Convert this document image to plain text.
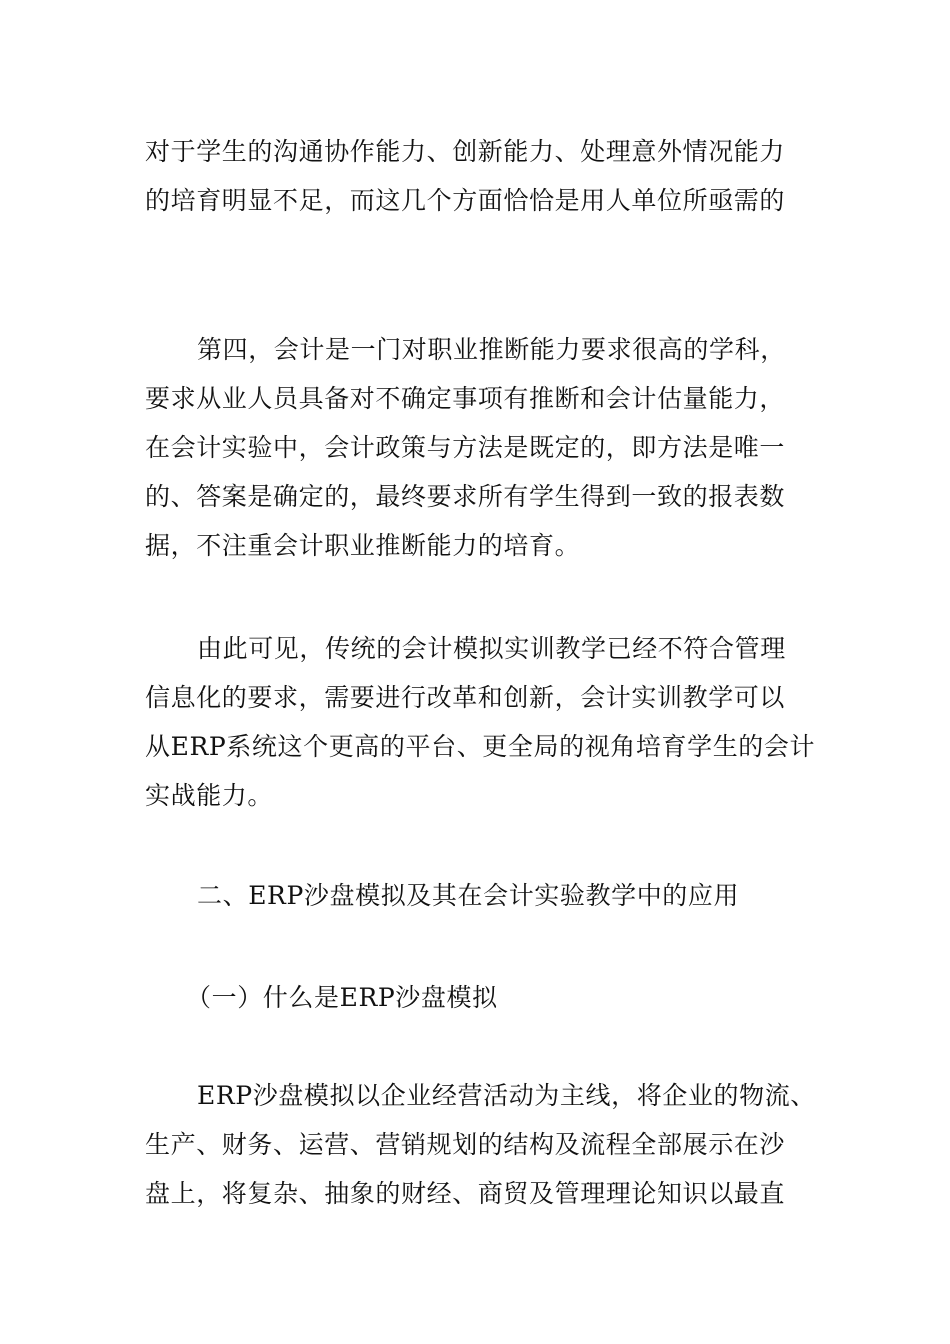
对于学生的沟通协作能力、创新能力、处理意外情况能力
的培育明显不足，而这几个方面恰恰是用人单位所亟需的

第四，会计是一门对职业推断能力要求很高的学科，
要求从业人员具备对不确定事项有推断和会计估量能力，
在会计实验中，会计政策与方法是既定的，即方法是唯一
的、答案是确定的，最终要求所有学生得到一致的报表数
据，不注重会计职业推断能力的培育。

由此可见，传统的会计模拟实训教学已经不符合管理
信息化的要求，需要进行改革和创新，会计实训教学可以
从ERP系统这个更高的平台、更全局的视角培育学生的会计
实战能力。

二、ERP沙盘模拟及其在会计实验教学中的应用

（一）什么是ERP沙盘模拟

ERP沙盘模拟以企业经营活动为主线，将企业的物流、
生产、财务、运营、营销规划的结构及流程全部展示在沙
盘上，将复杂、抽象的财经、商贸及管理理论知识以最直
